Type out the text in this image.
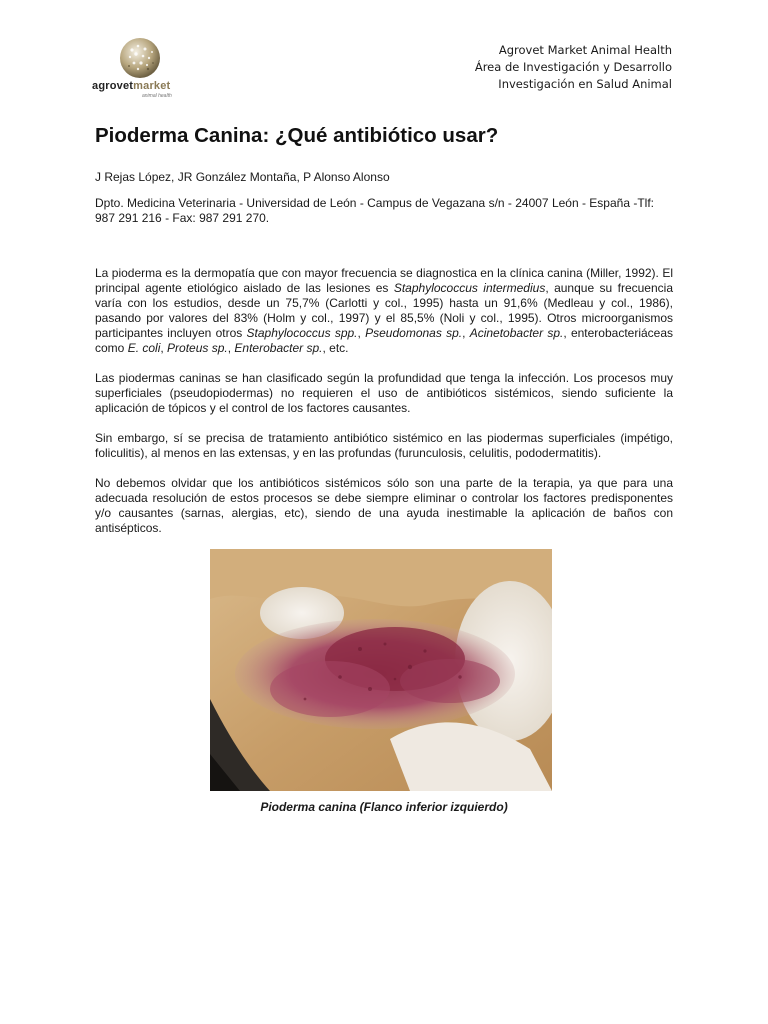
agrovetmarket
animal health
Agrovet Market Animal Health
Área de Investigación y Desarrollo
Investigación en Salud Animal
Pioderma Canina: ¿Qué antibiótico usar?
J Rejas López, JR González Montaña, P Alonso Alonso
Dpto. Medicina Veterinaria - Universidad de León - Campus de Vegazana s/n - 24007 León - España -Tlf: 987 291 216 - Fax: 987 291 270.

La pioderma es la dermopatía que con mayor frecuencia se diagnostica en la clínica canina (Miller, 1992). El principal agente etiológico aislado de las lesiones es Staphylococcus intermedius, aunque su frecuencia varía con los estudios, desde un 75,7% (Carlotti y col., 1995) hasta un 91,6% (Medleau y col., 1986), pasando por valores del 83% (Holm y col., 1997) y el 85,5% (Noli y col., 1995). Otros microorganismos participantes incluyen otros Staphylococcus spp., Pseudomonas sp., Acinetobacter sp., enterobacteriáceas como E. coli, Proteus sp., Enterobacter sp., etc.

Las piodermas caninas se han clasificado según la profundidad que tenga la infección. Los procesos muy superficiales (pseudopiodermas) no requieren el uso de antibióticos sistémicos, siendo suficiente la aplicación de tópicos y el control de los factores causantes.

Sin embargo, sí se precisa de tratamiento antibiótico sistémico en las piodermas superficiales (impétigo, foliculitis), al menos en las extensas, y en las profundas (furunculosis, celulitis, pododermatitis).

No debemos olvidar que los antibióticos sistémicos sólo son una parte de la terapia, ya que para una adecuada resolución de estos procesos se debe siempre eliminar o controlar los factores predisponentes y/o causantes (sarnas, alergias, etc), siendo de una ayuda inestimable la aplicación de baños con antisépticos.

Pioderma canina (Flanco inferior izquierdo)
